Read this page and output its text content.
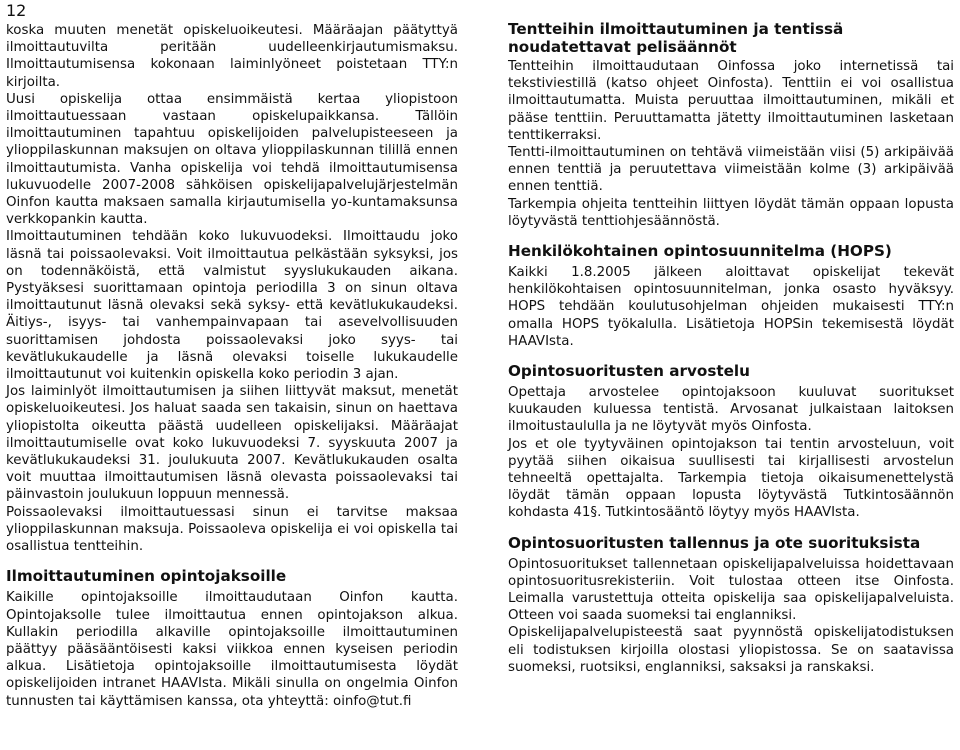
12

koska muuten menetät opiskeluoikeutesi. Määräajan päätyttyä ilmoittautuvilta peritään uudelleenkirjautumismaksu. Ilmoittautumisensa kokonaan laiminlyöneet poistetaan TTY:n kirjoilta.

Uusi opiskelija ottaa ensimmäistä kertaa yliopistoon ilmoittautuessaan vastaan opiskelupaikkansa. Tällöin ilmoittautuminen tapahtuu opiskelijoiden palvelupisteeseen ja ylioppilaskunnan maksujen on oltava ylioppilaskunnan tilillä ennen ilmoittautumista. Vanha opiskelija voi tehdä ilmoittautumisensa lukuvuodelle 2007-2008 sähköisen opiskelijapalvelujärjestelmän Oinfon kautta maksaen samalla kirjautumisella yo-kuntamaksunsa verkkopankin kautta.

Ilmoittautuminen tehdään koko lukuvuodeksi. Ilmoittaudu joko läsnä tai poissaolevaksi. Voit ilmoittautua pelkästään syksyksi, jos on todennäköistä, että valmistut syyslukukauden aikana. Pystyäksesi suorittamaan opintoja periodilla 3 on sinun oltava ilmoittautunut läsnä olevaksi sekä syksy- että kevätlukukaudeksi. Äitiys-, isyys- tai vanhempainvapaan tai asevelvollisuuden suorittamisen johdosta poissaolevaksi joko syys- tai kevätlukukaudelle ja läsnä olevaksi toiselle lukukaudelle ilmoittautunut voi kuitenkin opiskella koko periodin 3 ajan.

Jos laiminlyöt ilmoittautumisen ja siihen liittyvät maksut, menetät opiskeluoikeutesi. Jos haluat saada sen takaisin, sinun on haettava yliopistolta oikeutta päästä uudelleen opiskelijaksi. Määräajat ilmoittautumiselle ovat koko lukuvuodeksi 7. syyskuuta 2007 ja kevätlukukaudeksi 31. joulukuuta 2007. Kevätlukukauden osalta voit muuttaa ilmoittautumisen läsnä olevasta poissaolevaksi tai päinvastoin joulukuun loppuun mennessä.

Poissaolevaksi ilmoittautuessasi sinun ei tarvitse maksaa ylioppilaskunnan maksuja. Poissaoleva opiskelija ei voi opiskella tai osallistua tentteihin.

Ilmoittautuminen opintojaksoille

Kaikille opintojaksoille ilmoittaudutaan Oinfon kautta. Opintojaksolle tulee ilmoittautua ennen opintojakson alkua. Kullakin periodilla alkaville opintojaksoille ilmoittautuminen päättyy pääsääntöisesti kaksi viikkoa ennen kyseisen periodin alkua. Lisätietoja opintojaksoille ilmoittautumisesta löydät opiskelijoiden intranet HAAVIsta. Mikäli sinulla on ongelmia Oinfon tunnusten tai käyttämisen kanssa, ota yhteyttä: oinfo@tut.fi

Tentteihin ilmoittautuminen ja tentissä noudatettavat pelisäännöt

Tentteihin ilmoittaudutaan Oinfossa joko internetissä tai tekstiviestillä (katso ohjeet Oinfosta). Tenttiin ei voi osallistua ilmoittautumatta. Muista peruuttaa ilmoittautuminen, mikäli et pääse tenttiin. Peruuttamatta jätetty ilmoittautuminen lasketaan tenttikerraksi.

Tentti-ilmoittautuminen on tehtävä viimeistään viisi (5) arkipäivää ennen tenttiä ja peruutettava viimeistään kolme (3) arkipäivää ennen tenttiä.

Tarkempia ohjeita tentteihin liittyen löydät tämän oppaan lopusta löytyvästä tenttiohjesäännöstä.

Henkilökohtainen opintosuunnitelma (HOPS)

Kaikki 1.8.2005 jälkeen aloittavat opiskelijat tekevät henkilökohtaisen opintosuunnitelman, jonka osasto hyväksyy. HOPS tehdään koulutusohjelman ohjeiden mukaisesti TTY:n omalla HOPS työkalulla. Lisätietoja HOPSin tekemisestä löydät HAAVIsta.

Opintosuoritusten arvostelu

Opettaja arvostelee opintojaksoon kuuluvat suoritukset kuukauden kuluessa tentistä. Arvosanat julkaistaan laitoksen ilmoitustaululla ja ne löytyvät myös Oinfosta.

Jos et ole tyytyväinen opintojakson tai tentin arvosteluun, voit pyytää siihen oikaisua suullisesti tai kirjallisesti arvostelun tehneeltä opettajalta. Tarkempia tietoja oikaisumenettelystä löydät tämän oppaan lopusta löytyvästä Tutkintosäännön kohdasta 41§. Tutkintosääntö löytyy myös HAAVIsta.

Opintosuoritusten tallennus ja ote suorituksista

Opintosuoritukset tallennetaan opiskelijapalveluissa hoidettavaan opintosuoritusrekisteriin. Voit tulostaa otteen itse Oinfosta. Leimalla varustettuja otteita opiskelija saa opiskelijapalveluista. Otteen voi saada suomeksi tai englanniksi.

Opiskelijapalvelupisteestä saat pyynnöstä opiskelijatodistuksen eli todistuksen kirjoilla olostasi yliopistossa. Se on saatavissa suomeksi, ruotsiksi, englanniksi, saksaksi ja ranskaksi.
